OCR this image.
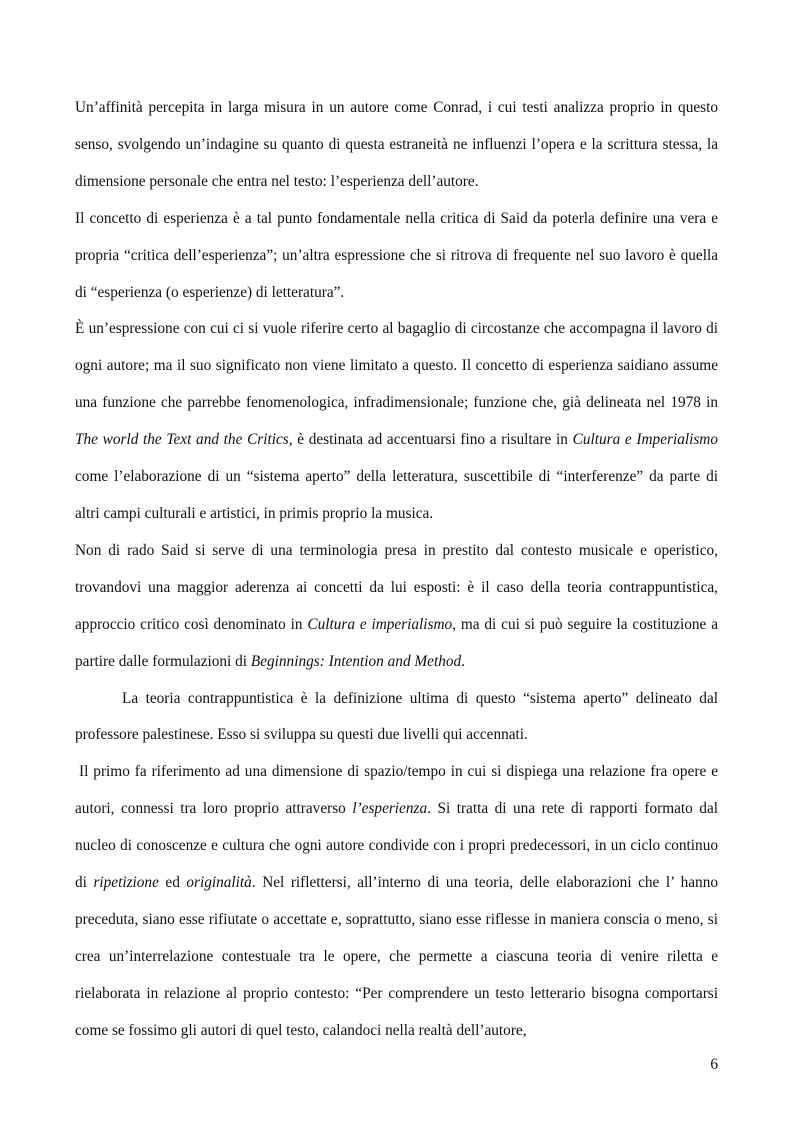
Un’affinità percepita in larga misura in un autore come Conrad, i cui testi analizza proprio in questo senso, svolgendo un’indagine su quanto di questa estraneità ne influenzi l’opera e la scrittura stessa, la dimensione personale che entra nel testo: l’esperienza dell’autore.

Il concetto di esperienza è a tal punto fondamentale nella critica di Said da poterla definire una vera e propria “critica dell’esperienza”; un’altra espressione che si ritrova di frequente nel suo lavoro è quella di “esperienza (o esperienze) di letteratura”.

È un’espressione con cui ci si vuole riferire certo al bagaglio di circostanze che accompagna il lavoro di ogni autore; ma il suo significato non viene limitato a questo. Il concetto di esperienza saidiano assume una funzione che parrebbe fenomenologica, infradimensionale; funzione che, già delineata nel 1978 in The world the Text and the Critics, è destinata ad accentuarsi fino a risultare in Cultura e Imperialismo come l’elaborazione di un “sistema aperto” della letteratura, suscettibile di “interferenze” da parte di altri campi culturali e artistici, in primis proprio la musica.

Non di rado Said si serve di una terminologia presa in prestito dal contesto musicale e operistico, trovandovi una maggior aderenza ai concetti da lui esposti: è il caso della teoria contrappuntistica, approccio critico così denominato in Cultura e imperialismo, ma di cui si può seguire la costituzione a partire dalle formulazioni di Beginnings: Intention and Method.

La teoria contrappuntistica è la definizione ultima di questo “sistema aperto” delineato dal professore palestinese. Esso si sviluppa su questi due livelli qui accennati.

Il primo fa riferimento ad una dimensione di spazio/tempo in cui si dispiega una relazione fra opere e autori, connessi tra loro proprio attraverso l’esperienza. Si tratta di una rete di rapporti formato dal nucleo di conoscenze e cultura che ogni autore condivide con i propri predecessori, in un ciclo continuo di ripetizione ed originalità. Nel riflettersi, all’interno di una teoria, delle elaborazioni che l’ hanno preceduta, siano esse rifiutate o accettate e, soprattutto, siano esse riflesse in maniera conscia o meno, si crea un’interrelazione contestuale tra le opere, che permette a ciascuna teoria di venire riletta e rielaborata in relazione al proprio contesto: “Per comprendere un testo letterario bisogna comportarsi come se fossimo gli autori di quel testo, calandoci nella realtà dell’autore,

6
